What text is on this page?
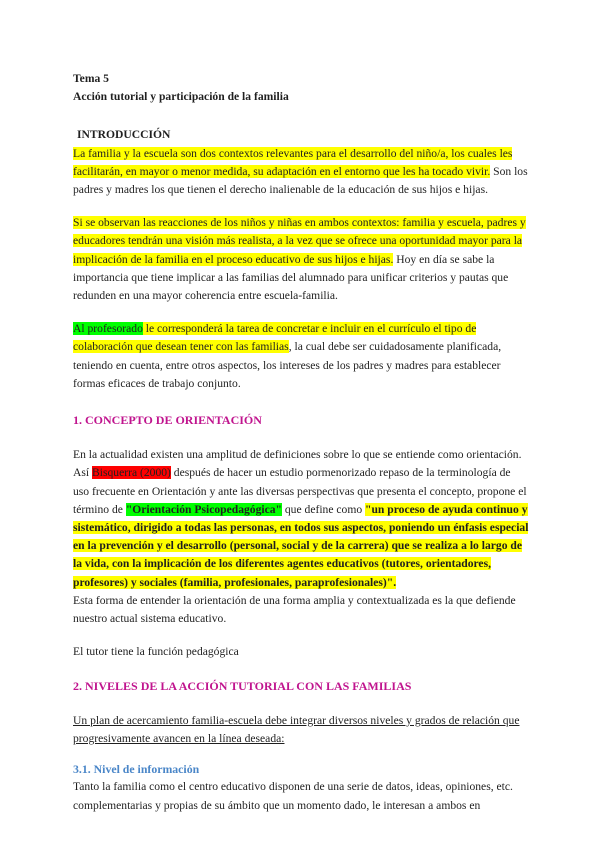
Tema 5

Acción tutorial y participación de la familia

INTRODUCCIÓN

La familia y la escuela son dos contextos relevantes para el desarrollo del niño/a, los cuales les facilitarán, en mayor o menor medida, su adaptación en el entorno que les ha tocado vivir. Son los padres y madres los que tienen el derecho inalienable de la educación de sus hijos e hijas.

Si se observan las reacciones de los niños y niñas en ambos contextos: familia y escuela, padres y educadores tendrán una visión más realista, a la vez que se ofrece una oportunidad mayor para la implicación de la familia en el proceso educativo de sus hijos e hijas. Hoy en día se sabe la importancia que tiene implicar a las familias del alumnado para unificar criterios y pautas que redunden en una mayor coherencia entre escuela-familia.

Al profesorado le corresponderá la tarea de concretar e incluir en el currículo el tipo de colaboración que desean tener con las familias, la cual debe ser cuidadosamente planificada, teniendo en cuenta, entre otros aspectos, los intereses de los padres y madres para establecer formas eficaces de trabajo conjunto.

1. CONCEPTO DE ORIENTACIÓN

En la actualidad existen una amplitud de definiciones sobre lo que se entiende como orientación. Así Bisquerra (2000) después de hacer un estudio pormenorizado repaso de la terminología de uso frecuente en Orientación y ante las diversas perspectivas que presenta el concepto, propone el término de "Orientación Psicopedagógica" que define como "un proceso de ayuda continuo y sistemático, dirigido a todas las personas, en todos sus aspectos, poniendo un énfasis especial en la prevención y el desarrollo (personal, social y de la carrera) que se realiza a lo largo de la vida, con la implicación de los diferentes agentes educativos (tutores, orientadores, profesores) y sociales (familia, profesionales, paraprofesionales)".

Esta forma de entender la orientación de una forma amplia y contextualizada es la que defiende nuestro actual sistema educativo.

El tutor tiene la función pedagógica

2. NIVELES DE LA ACCIÓN TUTORIAL CON LAS FAMILIAS

Un plan de acercamiento familia-escuela debe integrar diversos niveles y grados de relación que progresivamente avancen en la línea deseada:

3.1. Nivel de información

Tanto la familia como el centro educativo disponen de una serie de datos, ideas, opiniones, etc. complementarias y propias de su ámbito que un momento dado, le interesan a ambos en
